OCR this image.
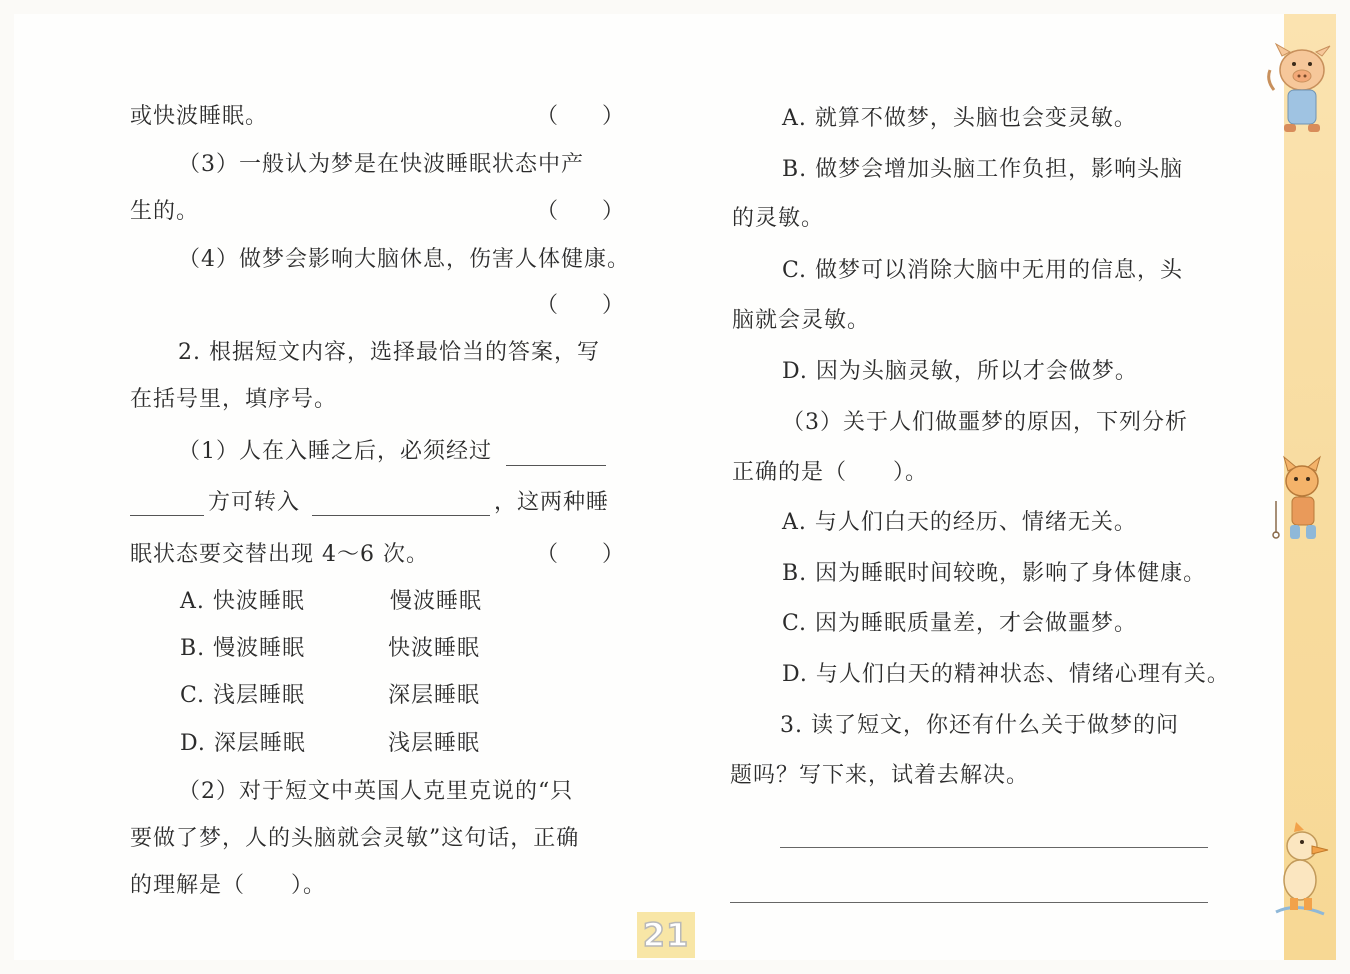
或快波睡眠。	（　　）
（3）一般认为梦是在快波睡眠状态中产
生的。	（　　）
（4）做梦会影响大脑休息，伤害人体健康。
（　　）
2. 根据短文内容，选择最恰当的答案，写
在括号里，填序号。
（1）人在入睡之后，必须经过
方可转入	，这两种睡
眠状态要交替出现 4～6 次。	（　　）
A. 快波睡眠	慢波睡眠
B. 慢波睡眠	快波睡眠
C. 浅层睡眠	深层睡眠
D. 深层睡眠	浅层睡眠
（2）对于短文中英国人克里克说的“只
要做了梦，人的头脑就会灵敏”这句话，正确
的理解是（　　）。
A. 就算不做梦，头脑也会变灵敏。
B. 做梦会增加头脑工作负担，影响头脑
的灵敏。
C. 做梦可以消除大脑中无用的信息，头
脑就会灵敏。
D. 因为头脑灵敏，所以才会做梦。
（3）关于人们做噩梦的原因，下列分析
正确的是（　　）。
A. 与人们白天的经历、情绪无关。
B. 因为睡眠时间较晚，影响了身体健康。
C. 因为睡眠质量差，才会做噩梦。
D. 与人们白天的精神状态、情绪心理有关。
3. 读了短文，你还有什么关于做梦的问
题吗？写下来，试着去解决。
21
